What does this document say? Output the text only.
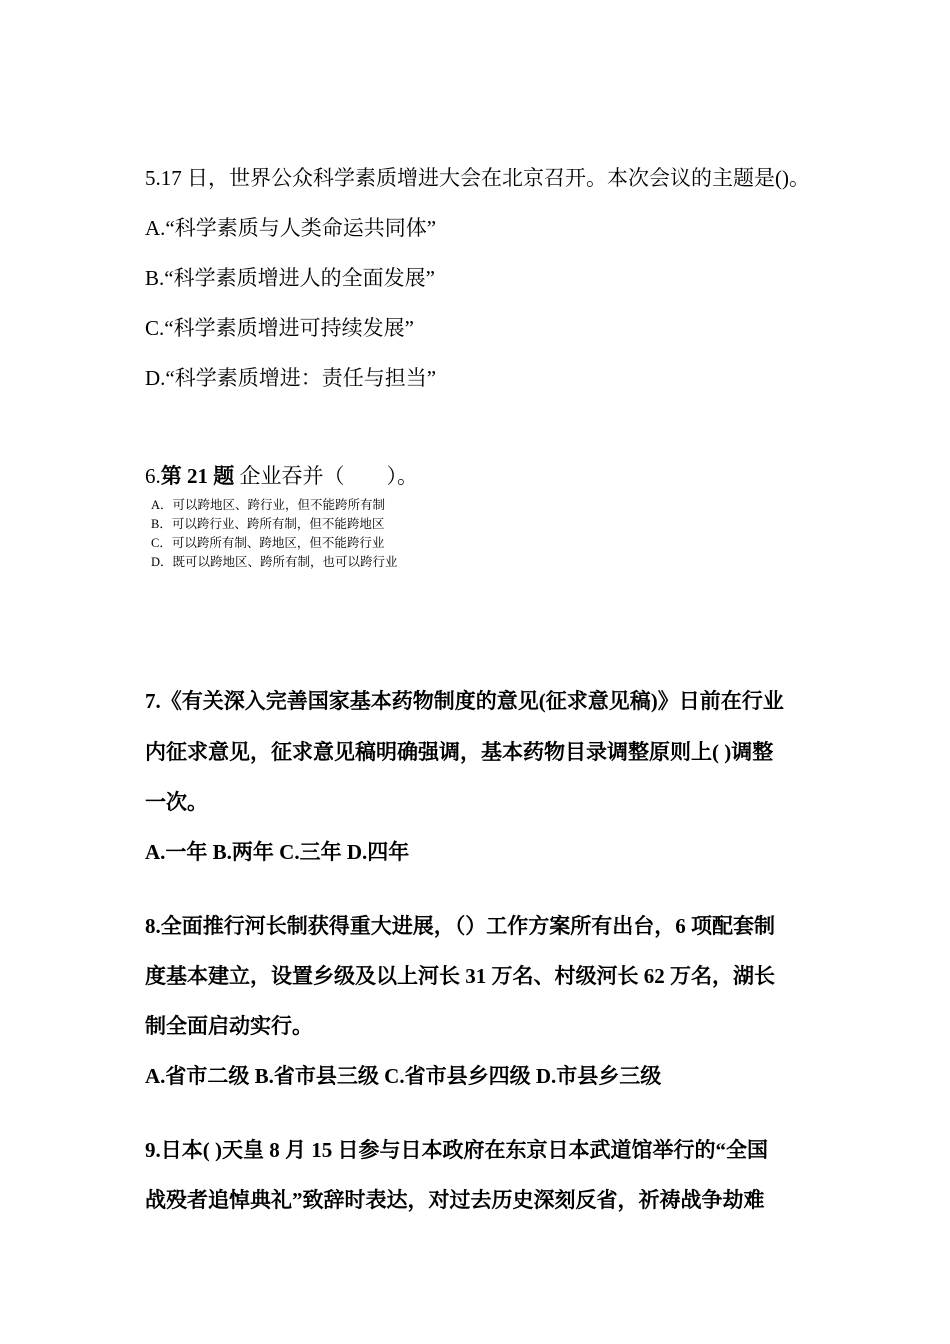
5.17 日，世界公众科学素质增进大会在北京召开。本次会议的主题是()。
A.“科学素质与人类命运共同体”
B.“科学素质增进人的全面发展”
C.“科学素质增进可持续发展”
D.“科学素质增进：责任与担当”
6.第 21 题 企业吞并（　　）。
A．可以跨地区、跨行业，但不能跨所有制
B．可以跨行业、跨所有制，但不能跨地区
C．可以跨所有制、跨地区，但不能跨行业
D．既可以跨地区、跨所有制，也可以跨行业
7.《有关深入完善国家基本药物制度的意见(征求意见稿)》日前在行业
内征求意见，征求意见稿明确强调，基本药物目录调整原则上( )调整
一次。
A.一年 B.两年 C.三年 D.四年
8.全面推行河长制获得重大进展，（）工作方案所有出台，6 项配套制
度基本建立，设置乡级及以上河长 31 万名、村级河长 62 万名，湖长
制全面启动实行。
A.省市二级 B.省市县三级 C.省市县乡四级 D.市县乡三级
9.日本( )天皇 8 月 15 日参与日本政府在东京日本武道馆举行的“全国
战殁者追悼典礼”致辞时表达，对过去历史深刻反省，祈祷战争劫难
